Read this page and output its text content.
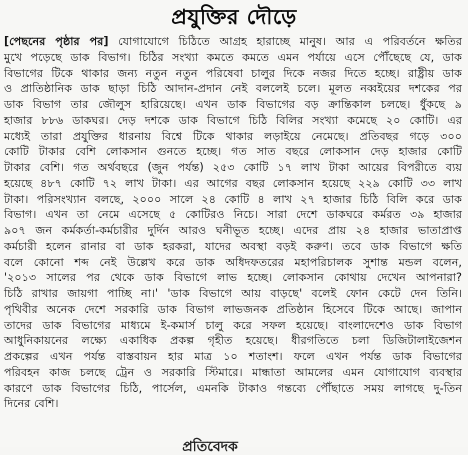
প্রযুক্তির দৌড়ে
[পেছনের পৃষ্ঠার পর] যোগাযোগে চিঠিতে আগ্রহ হারাচ্ছে মানুষ। আর এ পরিবর্তনে ক্ষতির
মুখে পড়েছে ডাক বিভাগ। চিঠির সংখ্যা কমতে কমতে এমন পর্যায়ে এসে পৌঁছেছে যে, ডাক
বিভাগের টিকে থাকার জন্য নতুন নতুন পরিষেবা চালুর দিকে নজর দিতে হচ্ছে। রাষ্ট্রীয় ডাক
ও প্রাতিষ্ঠানিক ডাক ছাড়া চিঠি আদান-প্রদান নেই বললেই চলে। মূলত নব্বইয়ের দশকের পর
ডাক বিভাগ তার জৌলুস হারিয়েছে। এখন ডাক বিভাগের বড় ক্রান্তিকাল চলছে। ধুঁকছে ৯
হাজার ৮৮৬ ডাকঘর। দেড় দশকে ডাক বিভাগে চিঠি বিলির সংখ্যা কমেছে ২০ কোটি। এর
মধ্যেই তারা প্রযুক্তির ধারনায় বিশ্বে টিকে থাকার লড়াইয়ে নেমেছে। প্রতিবছর গড়ে ৩০০
কোটি টাকার বেশি লোকসান গুনতে হচ্ছে। গত সাত বছরে লোকসান দেড় হাজার কোটি
টাকার বেশি। গত অর্থবছরে (জুন পর্যন্ত) ২৫৩ কোটি ১৭ লাখ টাকা আয়ের বিপরীতে ব্যয়
হয়েছে ৪৮৭ কোটি ৭২ লাখ টাকা। এর আগের বছর লোকসান হয়েছে ২২৯ কোটি ৩৩ লাখ
টাকা। পরিসংখ্যান বলছে, ২০০০ সালে ২৪ কোটি ৪ লাখ ২৭ হাজার চিঠি বিলি করে ডাক
বিভাগ। এখন তা নেমে এসেছে ৫ কোটিরও নিচে। সারা দেশে ডাকঘরে কর্মরত ৩৯ হাজার
৯০৭ জন কর্মকর্তা-কর্মচারীর দুর্দিন আরও ঘনীভূত হচ্ছে। এদের প্রায় ২৪ হাজার ভাতাপ্রাপ্ত
কর্মচারী হলেন রানার বা ডাক হরকরা, যাদের অবস্থা বড়ই করুণ। তবে ডাক বিভাগে ক্ষতি
বলে কোনো শব্দ নেই উল্লেখ করে ডাক অধিদফতরের মহাপরিচালক সুশান্ত মন্ডল বলেন,
'২০১৩ সালের পর থেকে ডাক বিভাগে লাভ হচ্ছে। লোকসান কোথায় দেখেন আপনারা?
চিঠি রাখার জায়গা পাচ্ছি না।' 'ডাক বিভাগে আয় বাড়ছে' বলেই ফোন কেটে দেন তিনি।
পৃথিবীর অনেক দেশে সরকারি ডাক বিভাগ লাভজনক প্রতিষ্ঠান হিসেবে টিকে আছে। জাপান
তাদের ডাক বিভাগের মাধ্যমে ই-কমার্স চালু করে সফল হয়েছে। বাংলাদেশেও ডাক বিভাগ
আধুনিকায়নের লক্ষ্যে একাধিক প্রকল্প গৃহীত হয়েছে। ধীরগতিতে চলা ডিজিটালাইজেশন
প্রকল্পের এখন পর্যন্ত বাস্তবায়ন হার মাত্র ১০ শতাংশ। ফলে এখন পর্যন্ত ডাক বিভাগের
পরিবহন কাজ চলছে ট্রেন ও সরকারি স্টিমারে। মান্ধাতা আমলের এমন যোগাযোগ ব্যবস্থার
কারণে ডাক বিভাগের চিঠি, পার্সেল, এমনকি টাকাও গন্তব্যে পৌঁছাতে সময় লাগছে দু-তিন
দিনের বেশি।
প্রতিবেদক
